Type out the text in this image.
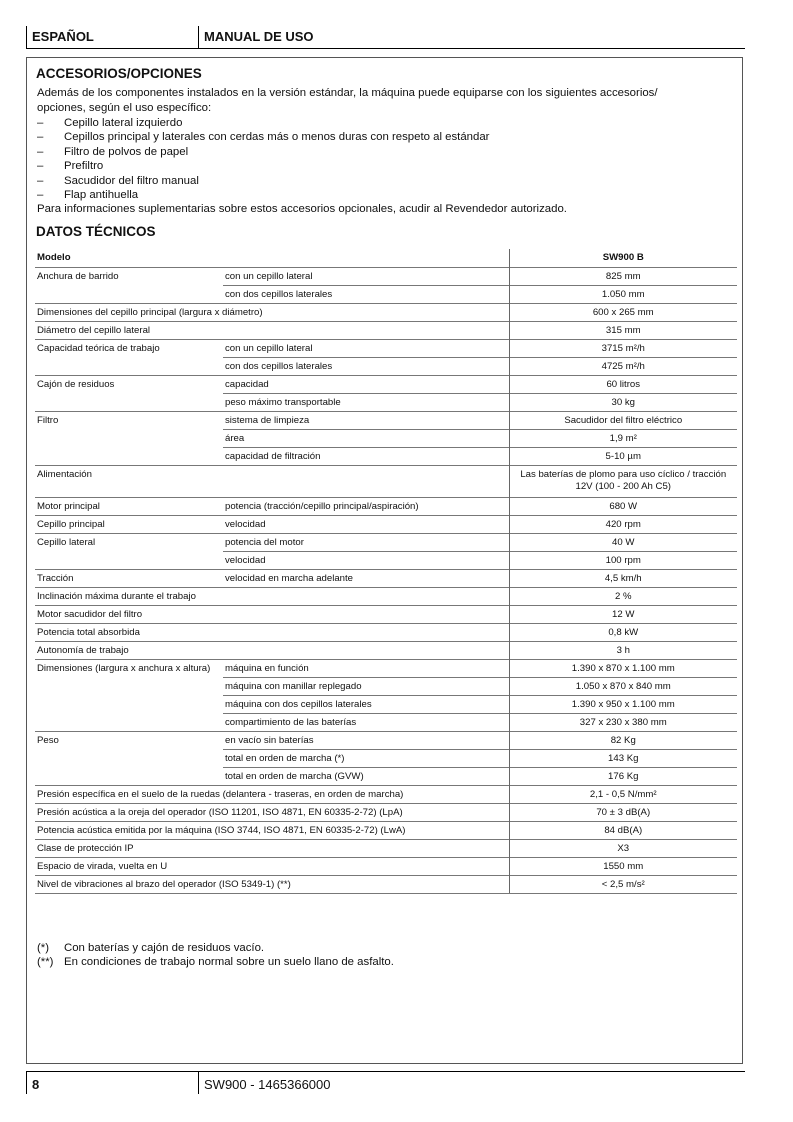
ESPAÑOL	MANUAL DE USO
ACCESORIOS/OPCIONES
Además de los componentes instalados en la versión estándar, la máquina puede equiparse con los siguientes accesorios/
opciones, según el uso específico:
– Cepillo lateral izquierdo
– Cepillos principal y laterales con cerdas más o menos duras con respeto al estándar
– Filtro de polvos de papel
– Prefiltro
– Sacudidor del filtro manual
– Flap antihuella
Para informaciones suplementarias sobre estos accesorios opcionales, acudir al Revendedor autorizado.
DATOS TÉCNICOS
Modelo		SW900 B
Anchura de barrido	con un cepillo lateral	825 mm
	con dos cepillos laterales	1.050 mm
Dimensiones del cepillo principal (largura x diámetro)		600 x 265 mm
Diámetro del cepillo lateral		315 mm
Capacidad teórica de trabajo	con un cepillo lateral	3715 m²/h
	con dos cepillos laterales	4725 m²/h
Cajón de residuos	capacidad	60 litros
	peso máximo transportable	30 kg
Filtro	sistema de limpieza	Sacudidor del filtro eléctrico
	área	1,9 m²
	capacidad de filtración	5-10 µm
Alimentación		Las baterías de plomo para uso cíclico / tracción 12V (100 - 200 Ah C5)
Motor principal	potencia (tracción/cepillo principal/aspiración)	680 W
Cepillo principal	velocidad	420 rpm
Cepillo lateral	potencia del motor	40 W
	velocidad	100 rpm
Tracción	velocidad en marcha adelante	4,5 km/h
Inclinación máxima durante el trabajo		2 %
Motor sacudidor del filtro		12 W
Potencia total absorbida		0,8 kW
Autonomía de trabajo		3 h
Dimensiones (largura x anchura x altura)	máquina en función	1.390 x 870 x 1.100 mm
	máquina con manillar replegado	1.050 x 870 x 840 mm
	máquina con dos cepillos laterales	1.390 x 950 x 1.100 mm
	compartimiento de las baterías	327 x 230 x 380 mm
Peso	en vacío sin baterías	82 Kg
	total en orden de marcha (*)	143 Kg
	total en orden de marcha (GVW)	176 Kg
Presión específica en el suelo de la ruedas (delantera - traseras, en orden de marcha)		2,1 - 0,5 N/mm²
Presión acústica a la oreja del operador (ISO 11201, ISO 4871, EN 60335-2-72) (LpA)		70 ± 3 dB(A)
Potencia acústica emitida por la máquina (ISO 3744, ISO 4871, EN 60335-2-72) (LwA)		84 dB(A)
Clase de protección IP		X3
Espacio de virada, vuelta en U		1550 mm
Nivel de vibraciones al brazo del operador (ISO 5349-1) (**)		< 2,5 m/s²
(*) Con baterías y cajón de residuos vacío.
(**) En condiciones de trabajo normal sobre un suelo llano de asfalto.
8	SW900 - 1465366000
